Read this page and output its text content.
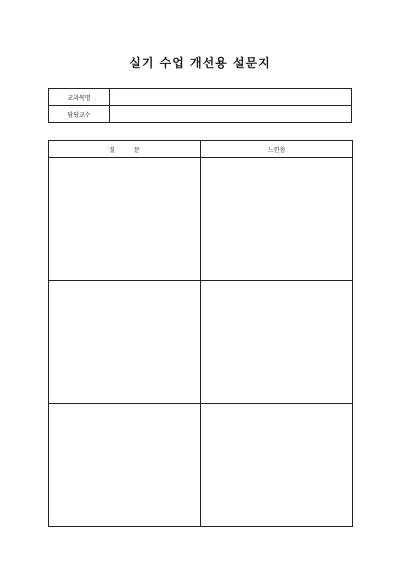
실기 수업 개선용 설문지
교과목명	
담당교수	
질          문	느낀점
